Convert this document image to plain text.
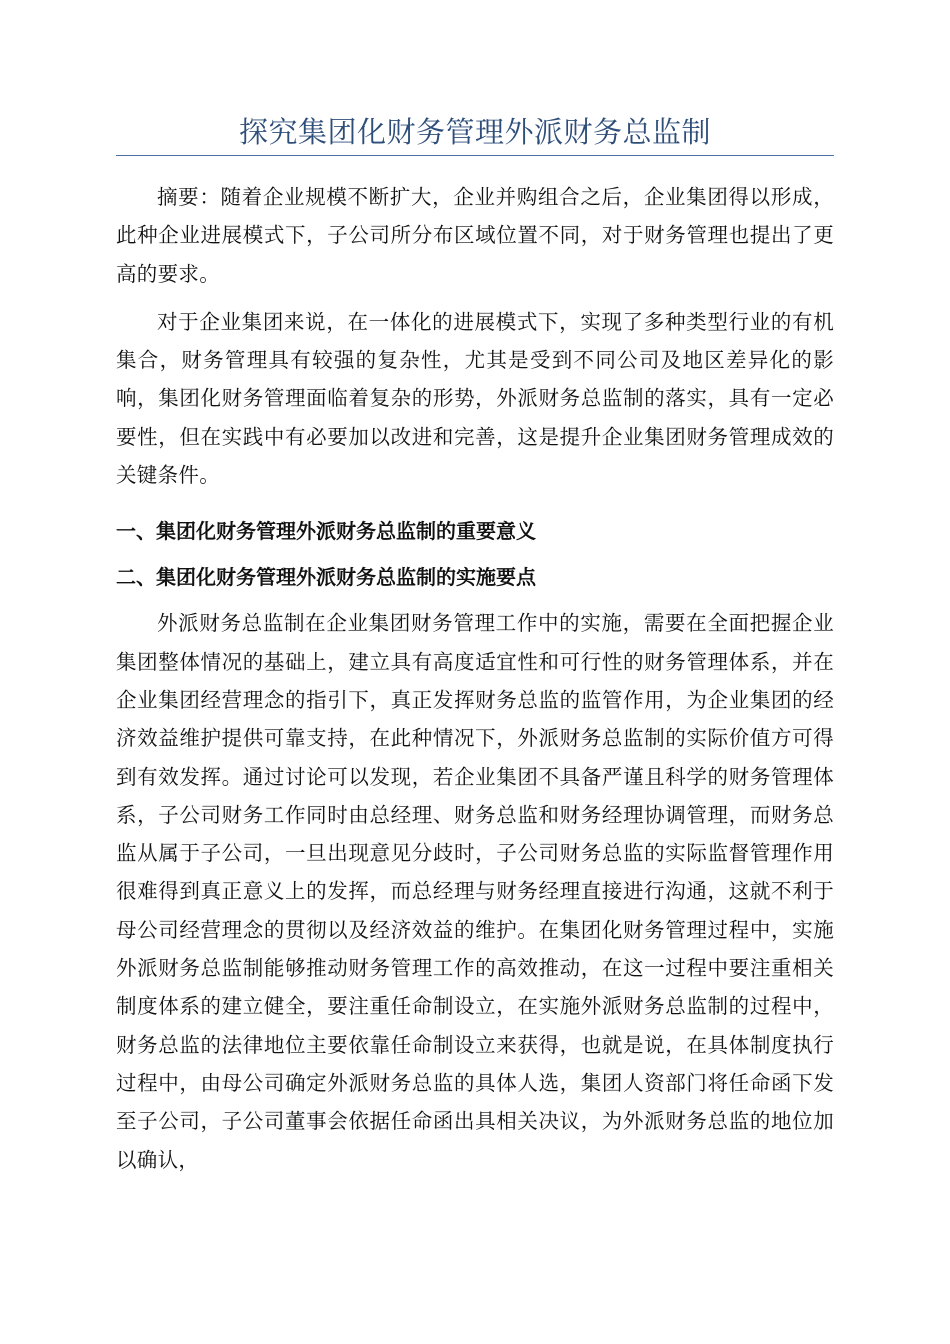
探究集团化财务管理外派财务总监制

摘要：随着企业规模不断扩大，企业并购组合之后，企业集团得以形成，此种企业进展模式下，子公司所分布区域位置不同，对于财务管理也提出了更高的要求。

对于企业集团来说，在一体化的进展模式下，实现了多种类型行业的有机集合，财务管理具有较强的复杂性，尤其是受到不同公司及地区差异化的影响，集团化财务管理面临着复杂的形势，外派财务总监制的落实，具有一定必要性，但在实践中有必要加以改进和完善，这是提升企业集团财务管理成效的关键条件。

一、集团化财务管理外派财务总监制的重要意义
二、集团化财务管理外派财务总监制的实施要点

外派财务总监制在企业集团财务管理工作中的实施，需要在全面把握企业集团整体情况的基础上，建立具有高度适宜性和可行性的财务管理体系，并在企业集团经营理念的指引下，真正发挥财务总监的监管作用，为企业集团的经济效益维护提供可靠支持，在此种情况下，外派财务总监制的实际价值方可得到有效发挥。通过讨论可以发现，若企业集团不具备严谨且科学的财务管理体系，子公司财务工作同时由总经理、财务总监和财务经理协调管理，而财务总监从属于子公司，一旦出现意见分歧时，子公司财务总监的实际监督管理作用很难得到真正意义上的发挥，而总经理与财务经理直接进行沟通，这就不利于母公司经营理念的贯彻以及经济效益的维护。在集团化财务管理过程中，实施外派财务总监制能够推动财务管理工作的高效推动，在这一过程中要注重相关制度体系的建立健全，要注重任命制设立，在实施外派财务总监制的过程中，财务总监的法律地位主要依靠任命制设立来获得，也就是说，在具体制度执行过程中，由母公司确定外派财务总监的具体人选，集团人资部门将任命函下发至子公司，子公司董事会依据任命函出具相关决议，为外派财务总监的地位加以确认，
